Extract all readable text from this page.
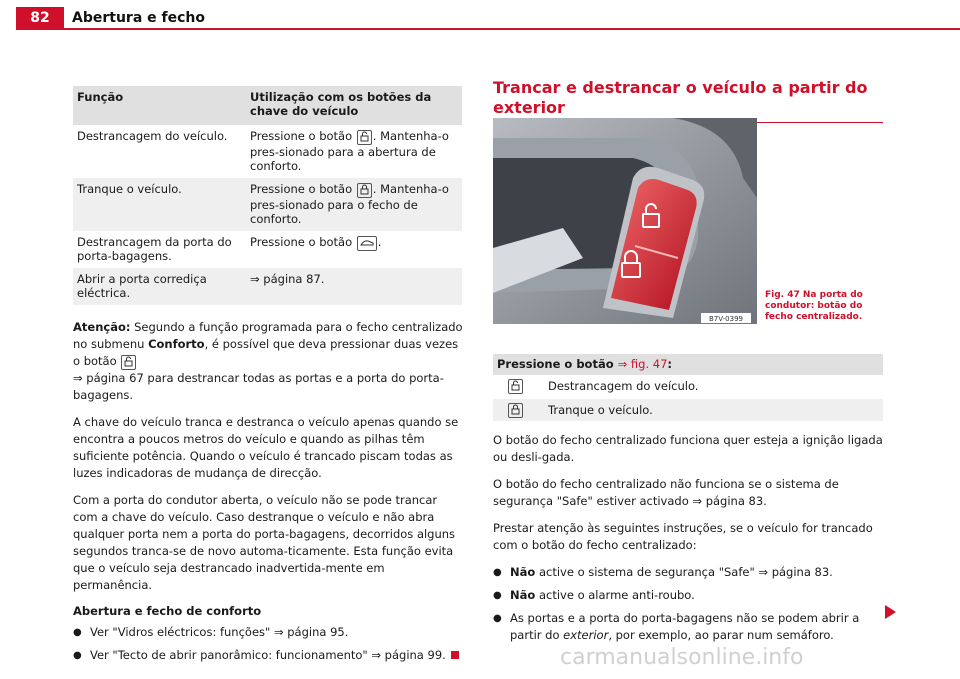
82	Abertura e fecho
Função	Utilização com os botões da chave do veículo
Destrancagem do veículo.	Pressione o botão . Mantenha-o pres-sionado para a abertura de conforto.
Tranque o veículo.	Pressione o botão . Mantenha-o pres-sionado para o fecho de conforto.
Destrancagem da porta do porta-bagagens.	Pressione o botão .
Abrir a porta corrediça eléctrica.	⇒ página 87.

Atenção: Segundo a função programada para o fecho centralizado no submenu Conforto, é possível que deva pressionar duas vezes o botão
⇒ página 67 para destrancar todas as portas e a porta do porta-bagagens.

A chave do veículo tranca e destranca o veículo apenas quando se encontra a poucos metros do veículo e quando as pilhas têm suficiente potência. Quando o veículo é trancado piscam todas as luzes indicadoras de mudança de direcção.

Com a porta do condutor aberta, o veículo não se pode trancar com a chave do veículo. Caso destranque o veículo e não abra qualquer porta nem a porta do porta-bagagens, decorridos alguns segundos tranca-se de novo automa-ticamente. Esta função evita que o veículo seja destrancado inadvertida-mente em permanência.

Abertura e fecho de conforto
● Ver "Vidros eléctricos: funções" ⇒ página 95.
● Ver "Tecto de abrir panorâmico: funcionamento" ⇒ página 99.
Trancar e destrancar o veículo a partir do exterior
B7V-0399
Fig. 47 Na porta do condutor: botão do fecho centralizado.
Pressione o botão ⇒ fig. 47:
Destrancagem do veículo.
Tranque o veículo.

O botão do fecho centralizado funciona quer esteja a ignição ligada ou desli-gada.

O botão do fecho centralizado não funciona se o sistema de segurança "Safe" estiver activado ⇒ página 83.

Prestar atenção às seguintes instruções, se o veículo for trancado com o botão do fecho centralizado:

● Não active o sistema de segurança "Safe" ⇒ página 83.
● Não active o alarme anti-roubo.
● As portas e a porta do porta-bagagens não se podem abrir a partir do exterior, por exemplo, ao parar num semáforo.
carmanualsonline.info
